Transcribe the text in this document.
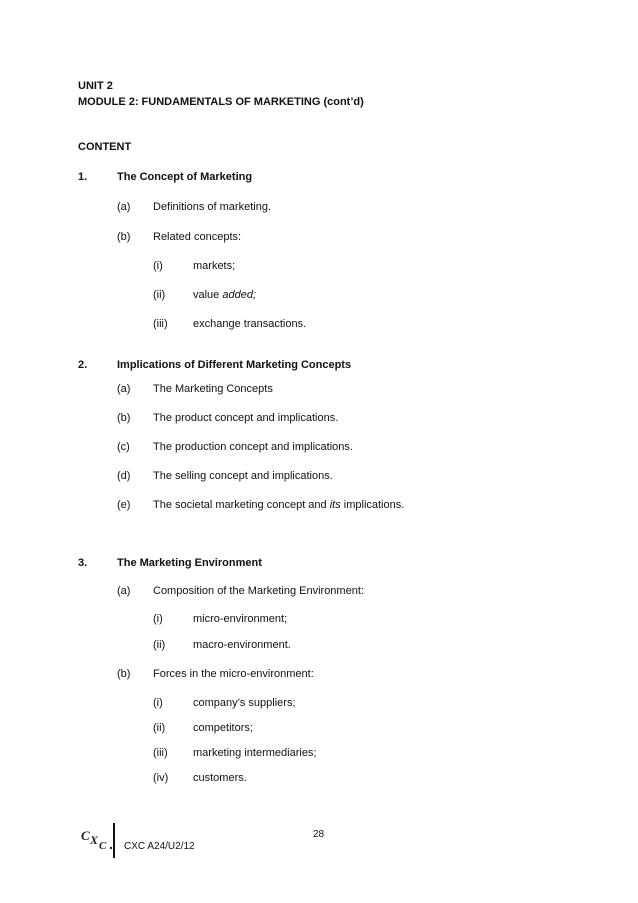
UNIT 2
MODULE 2: FUNDAMENTALS OF MARKETING (cont’d)
CONTENT
1.	The Concept of Marketing
(a) Definitions of marketing.
(b) Related concepts:
(i)	markets;
(ii)	value added;
(iii) exchange transactions.
2.	Implications of Different Marketing Concepts
(a) The Marketing Concepts
(b) The product concept and implications.
(c) The production concept and implications.
(d) The selling concept and implications.
(e) The societal marketing concept and its implications.
3.	The Marketing Environment
(a) Composition of the Marketing Environment:
(i)	micro-environment;
(ii)	macro-environment.
(b) Forces in the micro-environment:
(i)	company’s suppliers;
(ii)	competitors;
(iii) marketing intermediaries;
(iv) customers.
28
C X C CXC A24/U2/12
